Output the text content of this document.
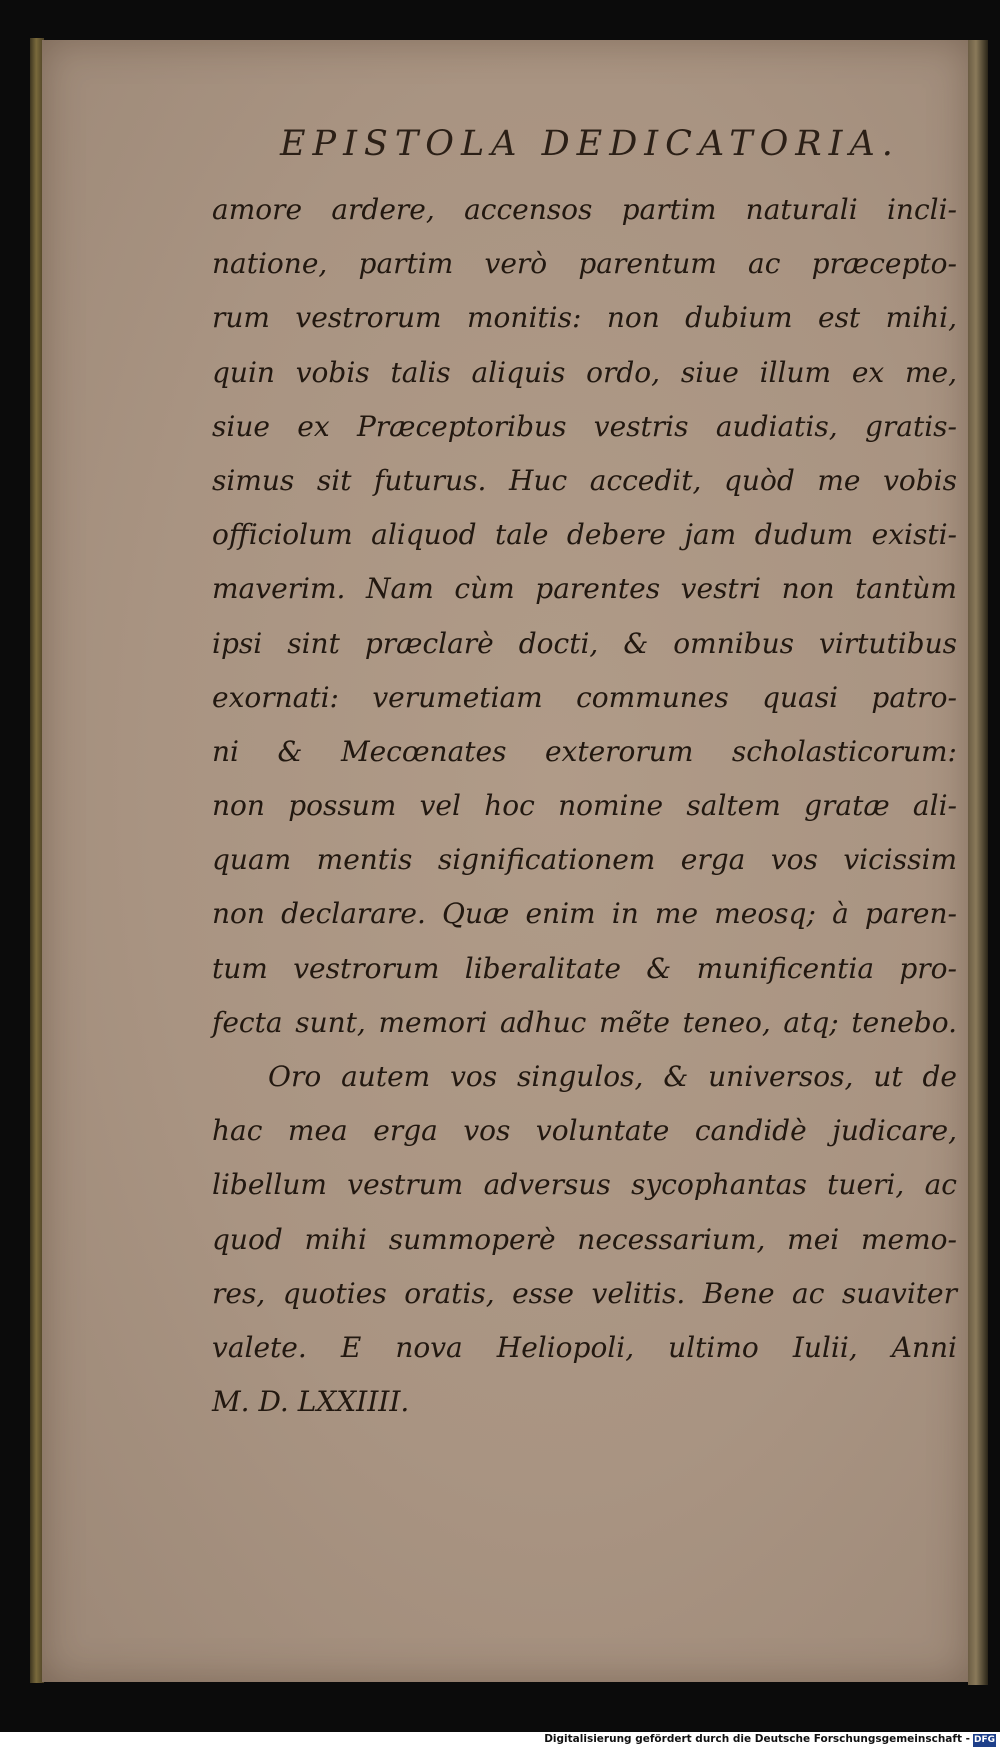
EPISTOLA DEDICATORIA.
amore ardere, accensos partim naturali incli-
natione, partim verò parentum ac præcepto-
rum vestrorum monitis: non dubium est mihi,
quin vobis talis aliquis ordo, siue illum ex me,
siue ex Præceptoribus vestris audiatis, gratis-
simus sit futurus. Huc accedit, quòd me vobis
officiolum aliquod tale debere jam dudum existi-
maverim. Nam cùm parentes vestri non tantùm
ipsi sint præclarè docti, & omnibus virtutibus
exornati: verumetiam communes quasi patro-
ni & Mecœnates exterorum scholasticorum:
non possum vel hoc nomine saltem gratæ ali-
quam mentis significationem erga vos vicissim
non declarare. Quæ enim in me meosq; à paren-
tum vestrorum liberalitate & munificentia pro-
fecta sunt, memori adhuc mẽte teneo, atq; tenebo.
Oro autem vos singulos, & universos, ut de
hac mea erga vos voluntate candidè judicare,
libellum vestrum adversus sycophantas tueri, ac
quod mihi summoperè necessarium, mei memo-
res, quoties oratis, esse velitis. Bene ac suaviter
valete. E nova Heliopoli, ultimo Iulii, Anni
M. D. LXXIIII.
Digitalisierung gefördert durch die Deutsche Forschungsgemeinschaft - DFG
